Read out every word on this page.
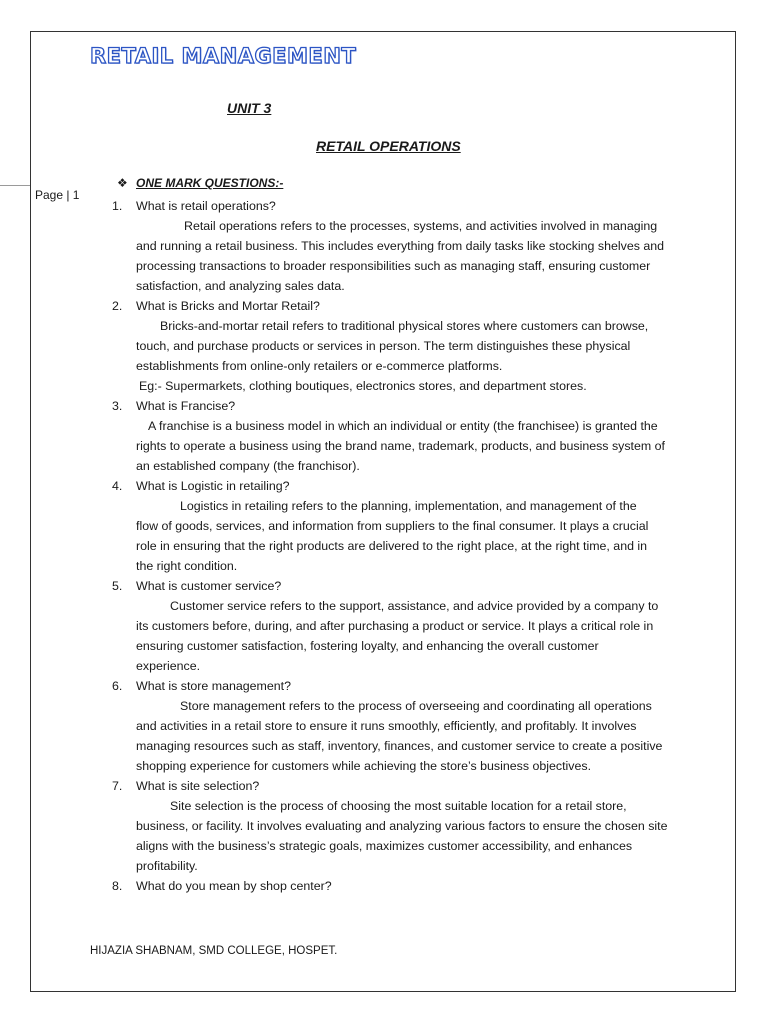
Page | 1
RETAIL MANAGEMENT
UNIT 3
RETAIL OPERATIONS
❖ ONE MARK QUESTIONS:-
1.	What is retail operations?

Retail operations refers to the processes, systems, and activities involved in managing

and running a retail business. This includes everything from daily tasks like stocking shelves and

processing transactions to broader responsibilities such as managing staff, ensuring customer

satisfaction, and analyzing sales data.

2.	What is Bricks and Mortar Retail?

Bricks-and-mortar retail refers to traditional physical stores where customers can browse,

touch, and purchase products or services in person. The term distinguishes these physical

establishments from online-only retailers or e-commerce platforms.

Eg:- Supermarkets, clothing boutiques, electronics stores, and department stores.

3.	What is Francise?

A franchise is a business model in which an individual or entity (the franchisee) is granted the

rights to operate a business using the brand name, trademark, products, and business system of

an established company (the franchisor).

4.	What is Logistic in retailing?

Logistics in retailing refers to the planning, implementation, and management of the

flow of goods, services, and information from suppliers to the final consumer. It plays a crucial

role in ensuring that the right products are delivered to the right place, at the right time, and in

the right condition.

5.	What is customer service?

Customer service refers to the support, assistance, and advice provided by a company to

its customers before, during, and after purchasing a product or service. It plays a critical role in

ensuring customer satisfaction, fostering loyalty, and enhancing the overall customer

experience.

6.	What is store management?

Store management refers to the process of overseeing and coordinating all operations

and activities in a retail store to ensure it runs smoothly, efficiently, and profitably. It involves

managing resources such as staff, inventory, finances, and customer service to create a positive

shopping experience for customers while achieving the store’s business objectives.

7.	What is site selection?

Site selection is the process of choosing the most suitable location for a retail store,

business, or facility. It involves evaluating and analyzing various factors to ensure the chosen site

aligns with the business’s strategic goals, maximizes customer accessibility, and enhances

profitability.

8.	What do you mean by shop center?
HIJAZIA SHABNAM, SMD COLLEGE, HOSPET.
